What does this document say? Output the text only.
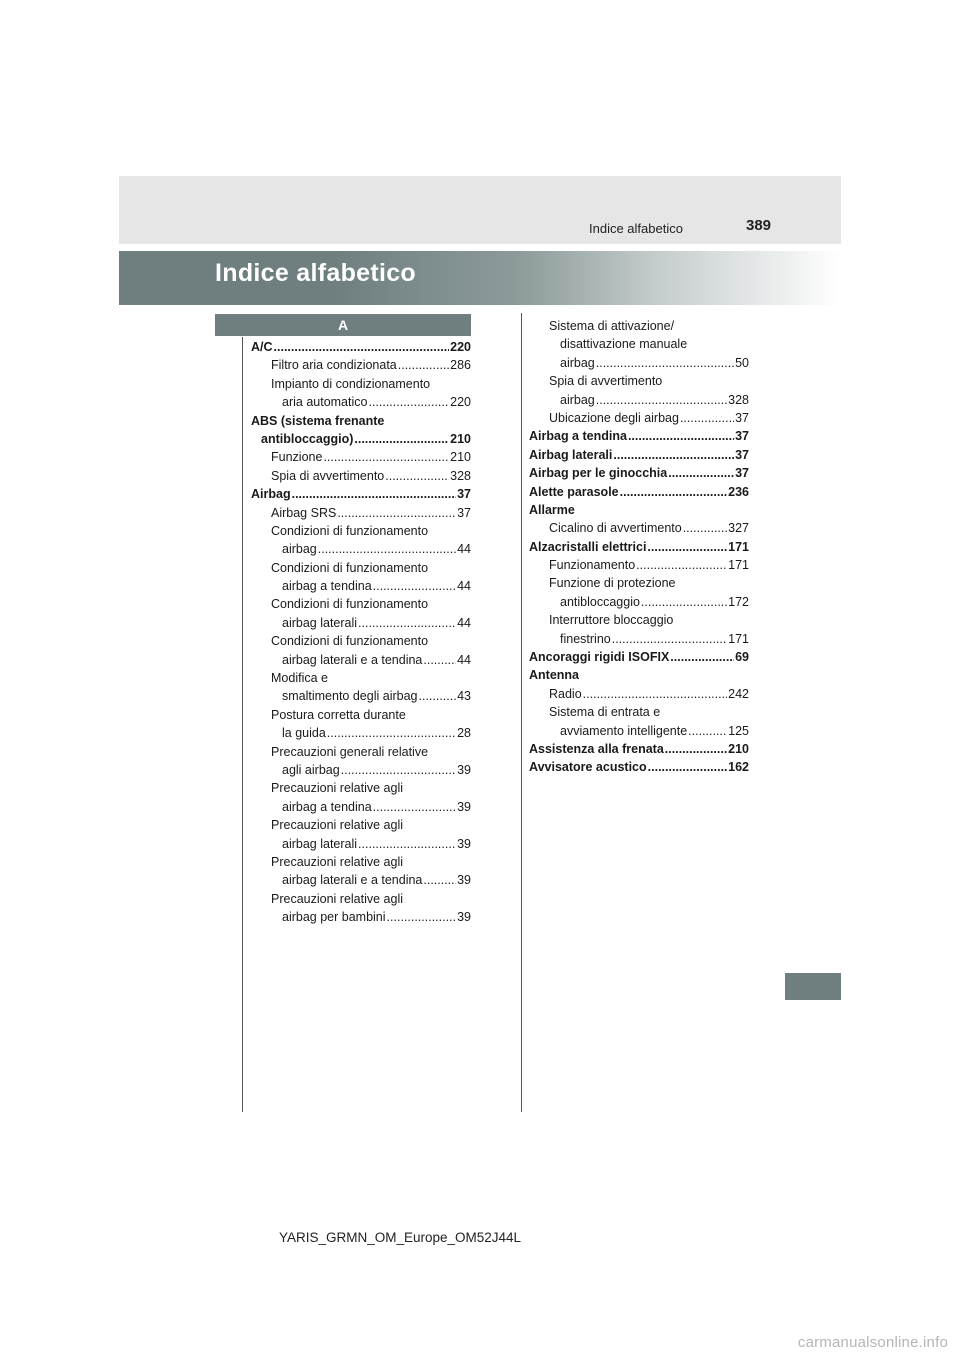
Indice alfabetico	389
Indice alfabetico
A
A/C .....	220
Filtro aria condizionata .....	286
Impianto di condizionamento
aria automatico .....	220
ABS (sistema frenante
antibloccaggio) .....	210
Funzione .....	210
Spia di avvertimento .....	328
Airbag .....	37
Airbag SRS .....	37
Condizioni di funzionamento
airbag .....	44
Condizioni di funzionamento
airbag a tendina .....	44
Condizioni di funzionamento
airbag laterali .....	44
Condizioni di funzionamento
airbag laterali e a tendina .....	44
Modifica e
smaltimento degli airbag .....	43
Postura corretta durante
la guida .....	28
Precauzioni generali relative
agli airbag .....	39
Precauzioni relative agli
airbag a tendina .....	39
Precauzioni relative agli
airbag laterali .....	39
Precauzioni relative agli
airbag laterali e a tendina .....	39
Precauzioni relative agli
airbag per bambini .....	39
Sistema di attivazione/
disattivazione manuale
airbag .....	50
Spia di avvertimento
airbag .....	328
Ubicazione degli airbag .....	37
Airbag a tendina .....	37
Airbag laterali .....	37
Airbag per le ginocchia .....	37
Alette parasole .....	236
Allarme
Cicalino di avvertimento .....	327
Alzacristalli elettrici .....	171
Funzionamento .....	171
Funzione di protezione
antibloccaggio .....	172
Interruttore bloccaggio
finestrino .....	171
Ancoraggi rigidi ISOFIX .....	69
Antenna
Radio .....	242
Sistema di entrata e
avviamento intelligente .....	125
Assistenza alla frenata .....	210
Avvisatore acustico .....	162
YARIS_GRMN_OM_Europe_OM52J44L
carmanualsonline.info
